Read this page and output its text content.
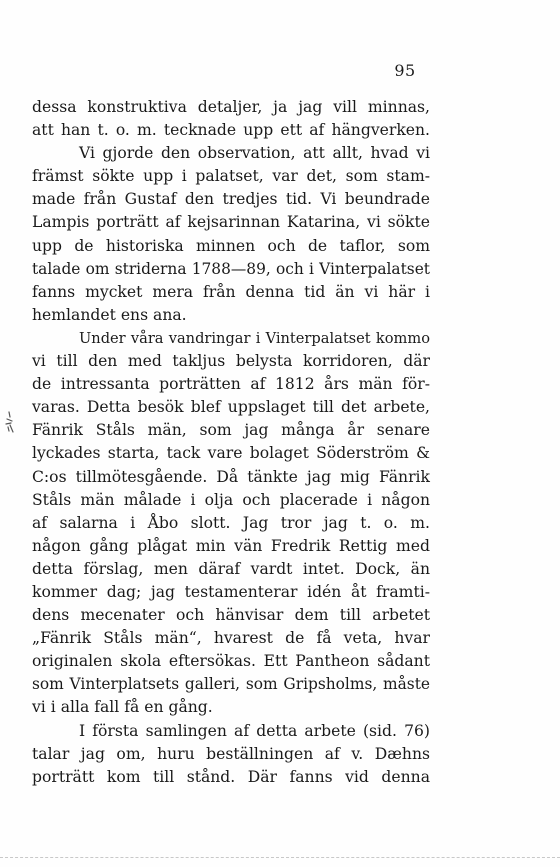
95
dessa konstruktiva detaljer, ja jag vill minnas,
att han t. o. m. tecknade upp ett af hängverken.
Vi gjorde den observation, att allt, hvad vi
främst sökte upp i palatset, var det, som stam-
made från Gustaf den tredjes tid. Vi beundrade
Lampis porträtt af kejsarinnan Katarina, vi sökte
upp de historiska minnen och de taflor, som
talade om striderna 1788—89, och i Vinterpalatset
fanns mycket mera från denna tid än vi här i
hemlandet ens ana.
Under våra vandringar i Vinterpalatset kommo
vi till den med takljus belysta korridoren, där
de intressanta porträtten af 1812 års män för-
varas. Detta besök blef uppslaget till det arbete,
Fänrik Ståls män, som jag många år senare
lyckades starta, tack vare bolaget Söderström &
C:os tillmötesgående. Då tänkte jag mig Fänrik
Ståls män målade i olja och placerade i någon
af salarna i Åbo slott. Jag tror jag t. o. m.
någon gång plågat min vän Fredrik Rettig med
detta förslag, men däraf vardt intet. Dock, än
kommer dag; jag testamenterar idén åt framti-
dens mecenater och hänvisar dem till arbetet
„Fänrik Ståls män“, hvarest de få veta, hvar
originalen skola eftersökas. Ett Pantheon sådant
som Vinterplatsets galleri, som Gripsholms, måste
vi i alla fall få en gång.
I första samlingen af detta arbete (sid. 76)
talar jag om, huru beställningen af v. Dæhns
porträtt kom till stånd. Där fanns vid denna
